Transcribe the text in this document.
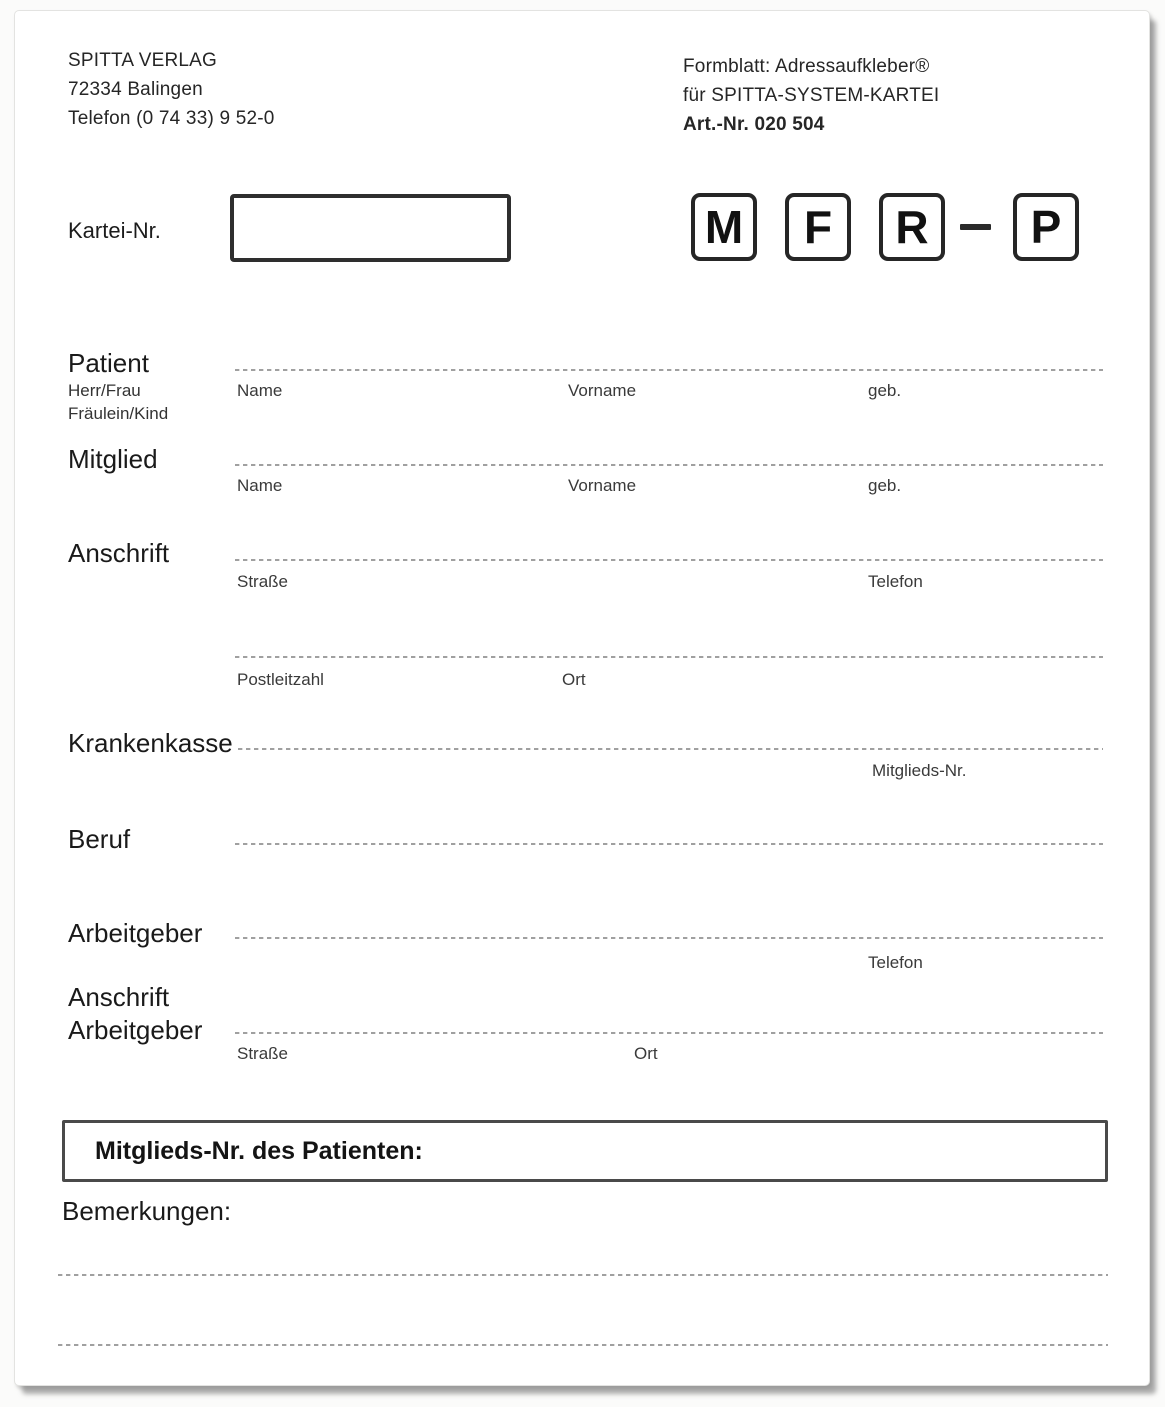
SPITTA VERLAG
72334 Balingen
Telefon (0 74 33) 9 52-0
Formblatt: Adressaufkleber®
für SPITTA-SYSTEM-KARTEI
Art.-Nr. 020 504
Kartei-Nr.	M F R P
Patient
Herr/Frau
Fräulein/Kind
Name	Vorname	geb.
Mitglied
Name	Vorname	geb.
Anschrift
Straße	Telefon
Postleitzahl	Ort
Krankenkasse
Mitglieds-Nr.
Beruf
Arbeitgeber
Telefon
Anschrift
Arbeitgeber
Straße	Ort
Mitglieds-Nr. des Patienten:
Bemerkungen:
